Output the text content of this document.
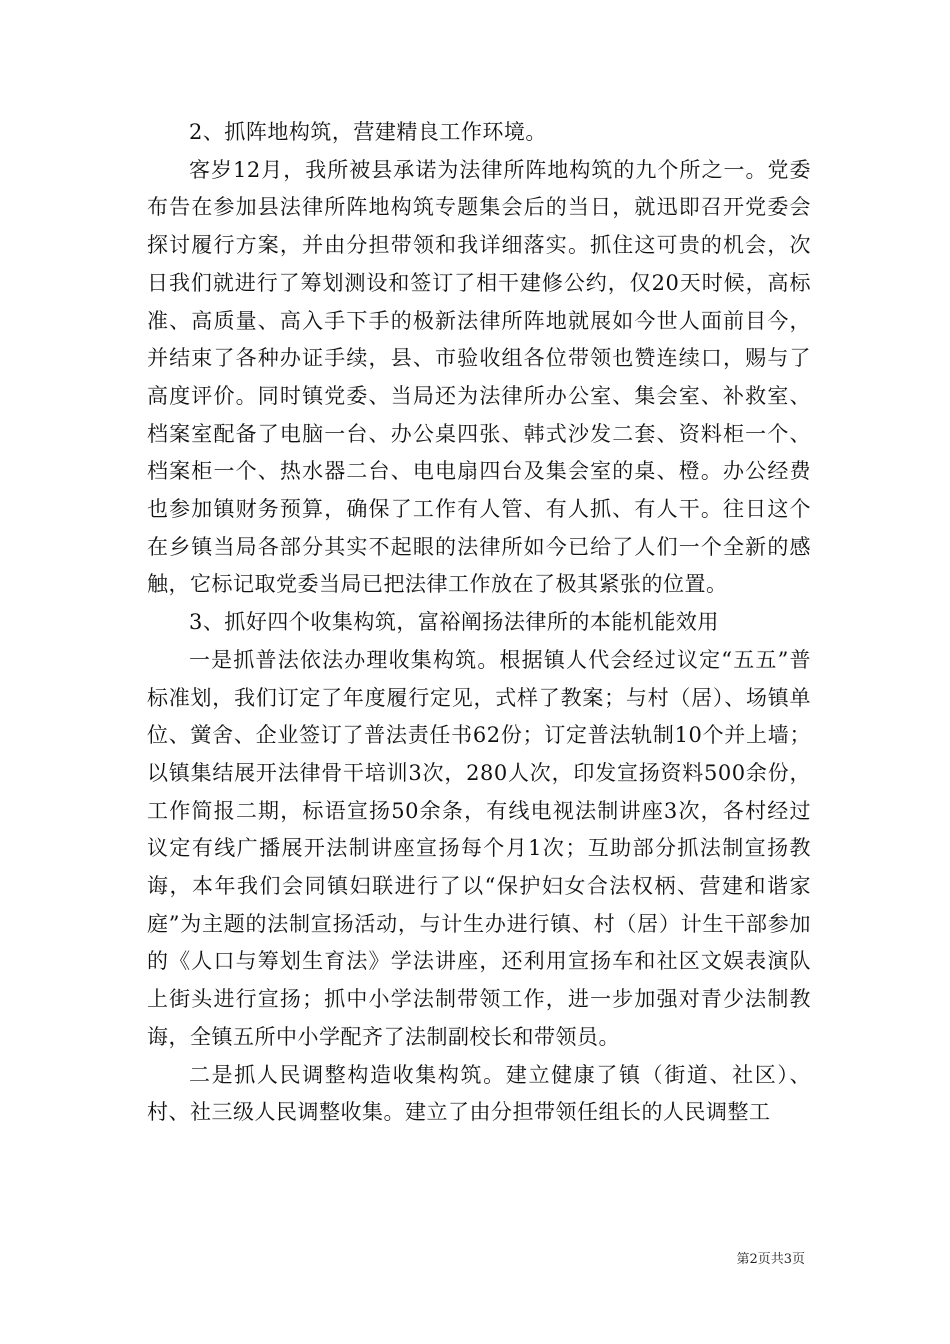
2、抓阵地构筑，营建精良工作环境。

客岁12月，我所被县承诺为法律所阵地构筑的九个所之一。党委布告在参加县法律所阵地构筑专题集会后的当日，就迅即召开党委会探讨履行方案，并由分担带领和我详细落实。抓住这可贵的机会，次日我们就进行了筹划测设和签订了相干建修公约，仅20天时候，高标准、高质量、高入手下手的极新法律所阵地就展如今世人面前目今，并结束了各种办证手续，县、市验收组各位带领也赞连续口，赐与了高度评价。同时镇党委、当局还为法律所办公室、集会室、补救室、档案室配备了电脑一台、办公桌四张、韩式沙发二套、资料柜一个、档案柜一个、热水器二台、电电扇四台及集会室的桌、橙。办公经费也参加镇财务预算，确保了工作有人管、有人抓、有人干。往日这个在乡镇当局各部分其实不起眼的法律所如今已给了人们一个全新的感触，它标记取党委当局已把法律工作放在了极其紧张的位置。

3、抓好四个收集构筑，富裕阐扬法律所的本能机能效用

一是抓普法依法办理收集构筑。根据镇人代会经过议定“五五”普标准划，我们订定了年度履行定见，式样了教案；与村（居）、场镇单位、黉舍、企业签订了普法责任书62份；订定普法轨制10个并上墙；以镇集结展开法律骨干培训3次，280人次，印发宣扬资料500余份，工作简报二期，标语宣扬50余条，有线电视法制讲座3次，各村经过议定有线广播展开法制讲座宣扬每个月1次；互助部分抓法制宣扬教诲，本年我们会同镇妇联进行了以“保护妇女合法权柄、营建和谐家庭”为主题的法制宣扬活动，与计生办进行镇、村（居）计生干部参加的《人口与筹划生育法》学法讲座，还利用宣扬车和社区文娱表演队上街头进行宣扬；抓中小学法制带领工作，进一步加强对青少法制教诲，全镇五所中小学配齐了法制副校长和带领员。

二是抓人民调整构造收集构筑。建立健康了镇（街道、社区）、村、社三级人民调整收集。建立了由分担带领任组长的人民调整工

第2页共3页
